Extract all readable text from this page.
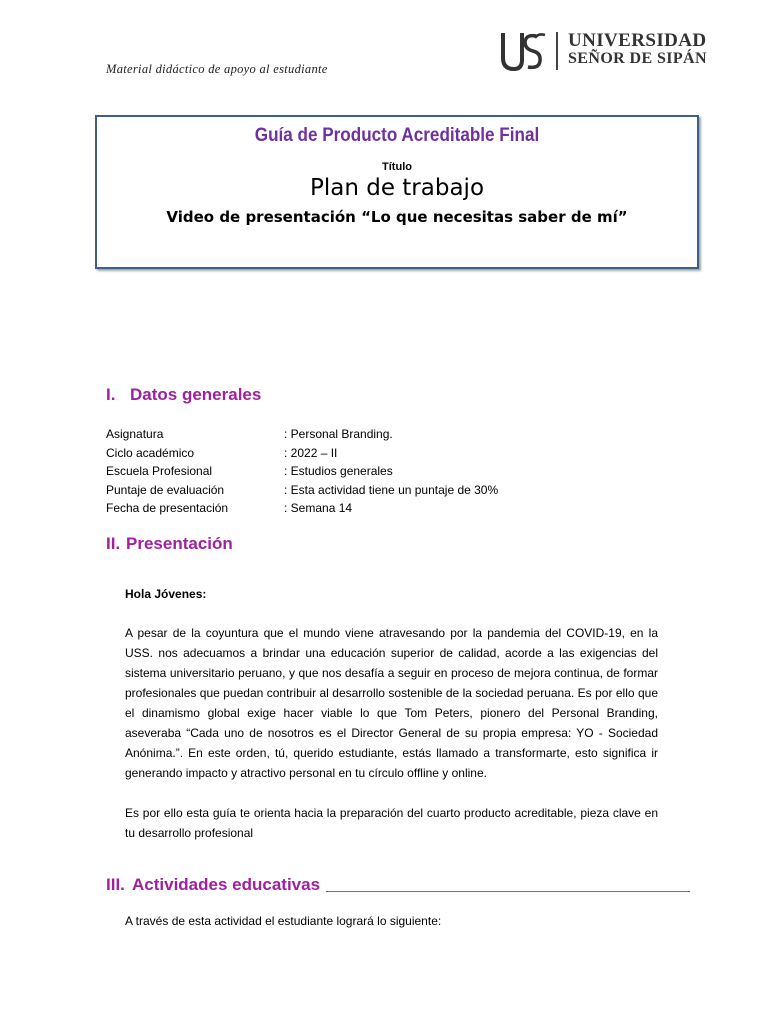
Material didáctico de apoyo al estudiante
UNIVERSIDAD
SEÑOR DE SIPÁN
Guía de Producto Acreditable Final
Título
Plan de trabajo
Video de presentación “Lo que necesitas saber de mí”
I. Datos generales
Asignatura	: Personal Branding.
Ciclo académico	: 2022 – II
Escuela Profesional	: Estudios generales
Puntaje de evaluación	: Esta actividad tiene un puntaje de 30%
Fecha de presentación	: Semana 14
II. Presentación
Hola Jóvenes:
A pesar de la coyuntura que el mundo viene atravesando por la pandemia del COVID-19, en la USS. nos adecuamos a brindar una educación superior de calidad, acorde a las exigencias del sistema universitario peruano, y que nos desafía a seguir en proceso de mejora continua, de formar profesionales que puedan contribuir al desarrollo sostenible de la sociedad peruana. Es por ello que el dinamismo global exige hacer viable lo que Tom Peters, pionero del Personal Branding, aseveraba “Cada uno de nosotros es el Director General de su propia empresa: YO - Sociedad Anónima.”. En este orden, tú, querido estudiante, estás llamado a transformarte, esto significa ir generando impacto y atractivo personal en tu círculo offline y online.
Es por ello esta guía te orienta hacia la preparación del cuarto producto acreditable, pieza clave en tu desarrollo profesional
III. Actividades educativas
A través de esta actividad el estudiante logrará lo siguiente:
